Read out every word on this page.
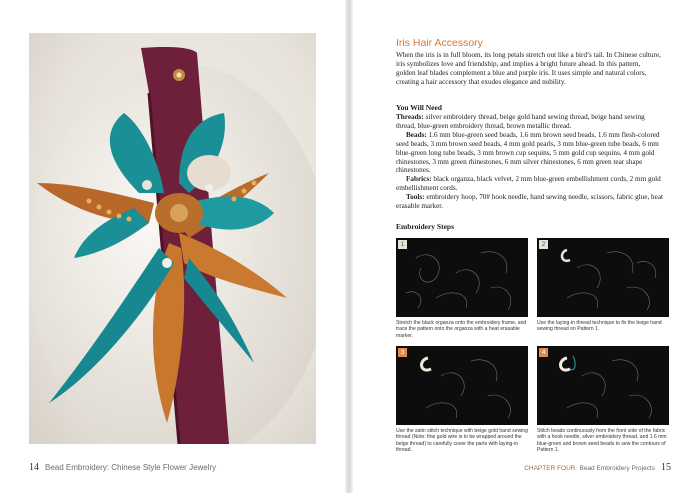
14 Bead Embroidery: Chinese Style Flower Jewelry
Iris Hair Accessory
When the iris is in full bloom, its long petals stretch out like a bird’s tail. In Chinese culture, iris symbolizes love and friendship, and implies a bright future ahead. In this pattern, golden leaf blades complement a blue and purple iris. It uses simple and natural colors, creating a hair accessory that exudes elegance and nobility.
You Will Need

Threads: silver embroidery thread, beige gold hand sewing thread, beige hand sewing thread, blue-green embroidery thread, brown metallic thread.

Beads: 1.6 mm blue-green seed beads, 1.6 mm brown seed beads, 1.6 mm flesh-colored seed beads, 3 mm brown seed beads, 4 mm gold pearls, 3 mm blue-green tube beads, 6 mm blue-green long tube beads, 3 mm brown cup sequins, 5 mm gold cup sequins, 4 mm gold rhinestones, 3 mm green rhinestones, 6 mm silver rhinestones, 6 mm green tear shape rhinestones.

Fabrics: black organza, black velvet, 2 mm blue-green embellishment cords, 2 mm gold embellishment cords.

Tools: embroidery hoop, 70# hook needle, hand sewing needle, scissors, fabric glue, heat erasable marker.

Embroidery Steps
1
Stretch the black organza onto the embroidery frame, and trace the pattern onto the organza with a heat erasable marker.
2
Use the laying-in thread technique to fix the beige hand sewing thread on Pattern 1.
3
Use the satin stitch technique with beige gold hand sewing thread (Note: fine gold wire is to be wrapped around the beige thread) to carefully cover the parts with laying-in thread.
4
Stitch beads continuously from the front side of the fabric with a hook needle, silver embroidery thread, and 1.6 mm blue-green and brown seed beads to sew the contours of Pattern 1.
CHAPTER FOUR Bead Embroidery Projects 15
